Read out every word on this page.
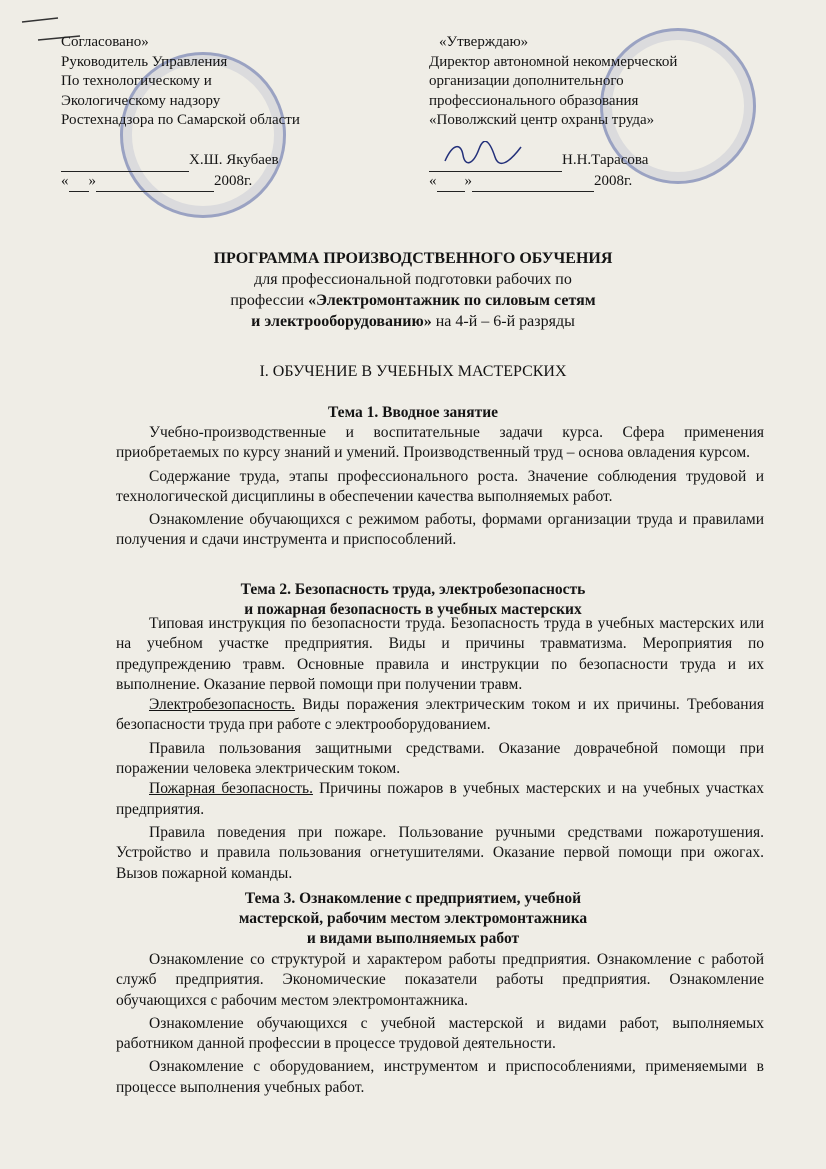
Согласовано»
Руководитель Управления
По технологическому и
Экологическому надзору
Ростехнадзора по Самарской области
Х.Ш. Якубаев
« »	2008г.
«Утверждаю»
Директор автономной некоммерческой
организации дополнительного
профессионального образования
«Поволжский центр охраны труда»
Н.Н.Тарасова
« »	2008г.
ПРОГРАММА ПРОИЗВОДСТВЕННОГО ОБУЧЕНИЯ
для профессиональной подготовки рабочих по
профессии «Электромонтажник по силовым сетям
и электрооборудованию» на 4-й – 6-й разряды
I. ОБУЧЕНИЕ В УЧЕБНЫХ МАСТЕРСКИХ
Тема 1. Вводное занятие

Учебно-производственные и воспитательные задачи курса. Сфера применения приобретаемых по курсу знаний и умений. Производственный труд – основа овладения курсом.

Содержание труда, этапы профессионального роста. Значение соблюдения трудовой и технологической дисциплины в обеспечении качества выполняемых работ.

Ознакомление обучающихся с режимом работы, формами организации труда и правилами получения и сдачи инструмента и приспособлений.

Тема 2. Безопасность труда, электробезопасность
и пожарная безопасность в учебных мастерских

Типовая инструкция по безопасности труда. Безопасность труда в учебных мастерских или на учебном участке предприятия. Виды и причины травматизма. Мероприятия по предупреждению травм. Основные правила и инструкции по безопасности труда и их выполнение. Оказание первой помощи при получении травм.

Электробезопасность. Виды поражения электрическим током и их причины. Требования безопасности труда при работе с электрооборудованием.

Правила пользования защитными средствами. Оказание доврачебной помощи при поражении человека электрическим током.

Пожарная безопасность. Причины пожаров в учебных мастерских и на учебных участках предприятия.

Правила поведения при пожаре. Пользование ручными средствами пожаротушения. Устройство и правила пользования огнетушителями. Оказание первой помощи при ожогах. Вызов пожарной команды.

Тема 3. Ознакомление с предприятием, учебной
мастерской, рабочим местом электромонтажника
и видами выполняемых работ

Ознакомление со структурой и характером работы предприятия. Ознакомление с работой служб предприятия. Экономические показатели работы предприятия. Ознакомление обучающихся с рабочим местом электромонтажника.

Ознакомление обучающихся с учебной мастерской и видами работ, выполняемых работником данной профессии в процессе трудовой деятельности.

Ознакомление с оборудованием, инструментом и приспособлениями, применяемыми в процессе выполнения учебных работ.
